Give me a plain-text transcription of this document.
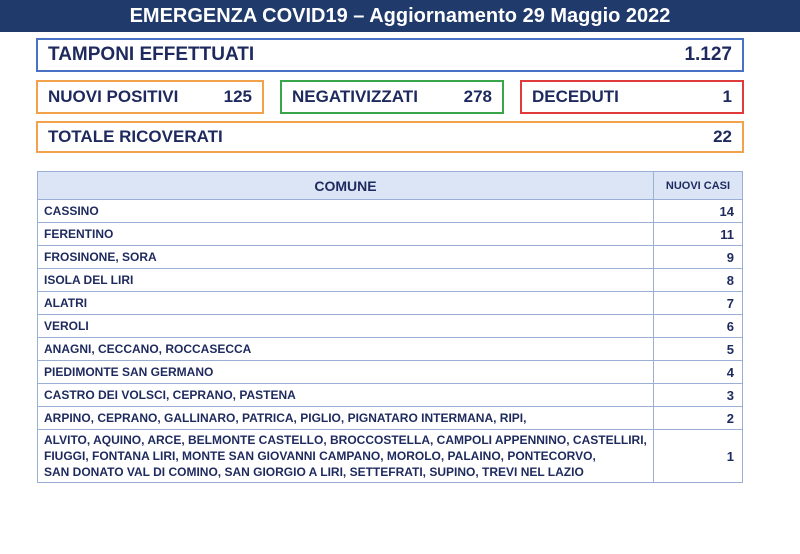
EMERGENZA COVID19 – Aggiornamento 29 Maggio 2022
TAMPONI EFFETTUATI	1.127
NUOVI POSITIVI	125 NEGATIVIZZATI	278 DECEDUTI	1
TOTALE RICOVERATI	22
COMUNE	NUOVI CASI
CASSINO	14
FERENTINO	11
FROSINONE, SORA	9
ISOLA DEL LIRI	8
ALATRI	7
VEROLI	6
ANAGNI, CECCANO, ROCCASECCA	5
PIEDIMONTE SAN GERMANO	4
CASTRO DEI VOLSCI, CEPRANO, PASTENA	3
ARPINO, CEPRANO, GALLINARO, PATRICA, PIGLIO, PIGNATARO INTERMANA, RIPI,	2

ALVITO, AQUINO, ARCE, BELMONTE CASTELLO, BROCCOSTELLA, CAMPOLI APPENNINO, CASTELLIRI,
FIUGGI, FONTANA LIRI, MONTE SAN GIOVANNI CAMPANO, MOROLO, PALAINO, PONTECORVO,
SAN DONATO VAL DI COMINO, SAN GIORGIO A LIRI, SETTEFRATI, SUPINO, TREVI NEL LAZIO	1
